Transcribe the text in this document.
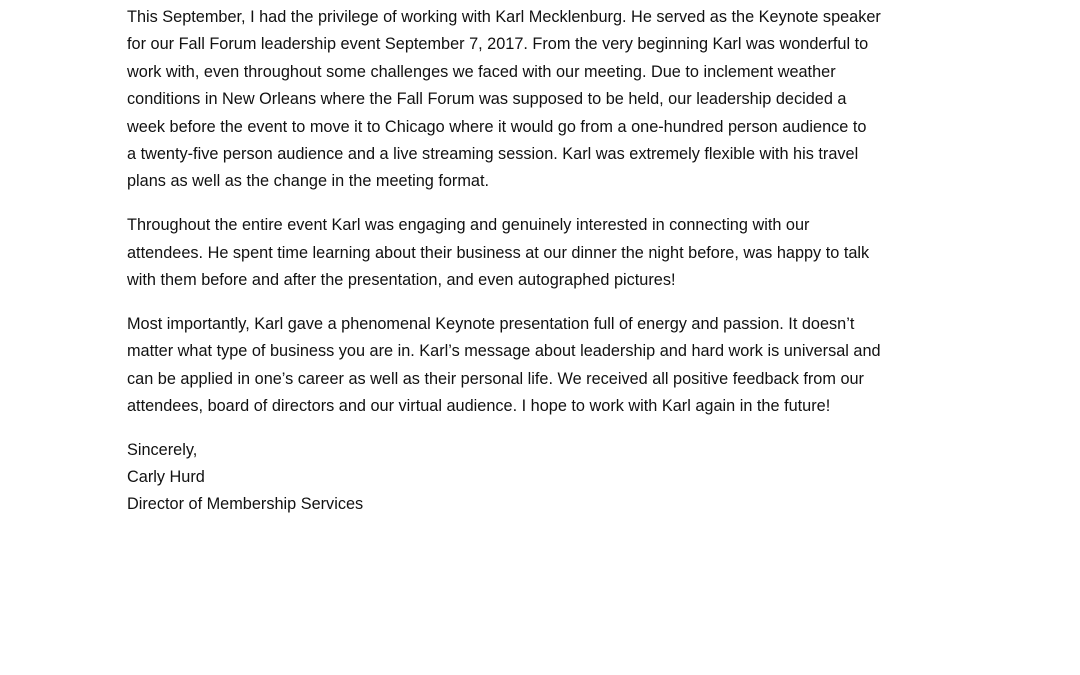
This September, I had the privilege of working with Karl Mecklenburg. He served as the Keynote speaker
for our Fall Forum leadership event September 7, 2017. From the very beginning Karl was wonderful to
work with, even throughout some challenges we faced with our meeting. Due to inclement weather
conditions in New Orleans where the Fall Forum was supposed to be held, our leadership decided a
week before the event to move it to Chicago where it would go from a one-hundred person audience to
a twenty-five person audience and a live streaming session. Karl was extremely flexible with his travel
plans as well as the change in the meeting format.
Throughout the entire event Karl was engaging and genuinely interested in connecting with our
attendees. He spent time learning about their business at our dinner the night before, was happy to talk
with them before and after the presentation, and even autographed pictures!
Most importantly, Karl gave a phenomenal Keynote presentation full of energy and passion. It doesn’t
matter what type of business you are in. Karl’s message about leadership and hard work is universal and
can be applied in one’s career as well as their personal life. We received all positive feedback from our
attendees, board of directors and our virtual audience. I hope to work with Karl again in the future!
Sincerely,
Carly Hurd
Director of Membership Services
